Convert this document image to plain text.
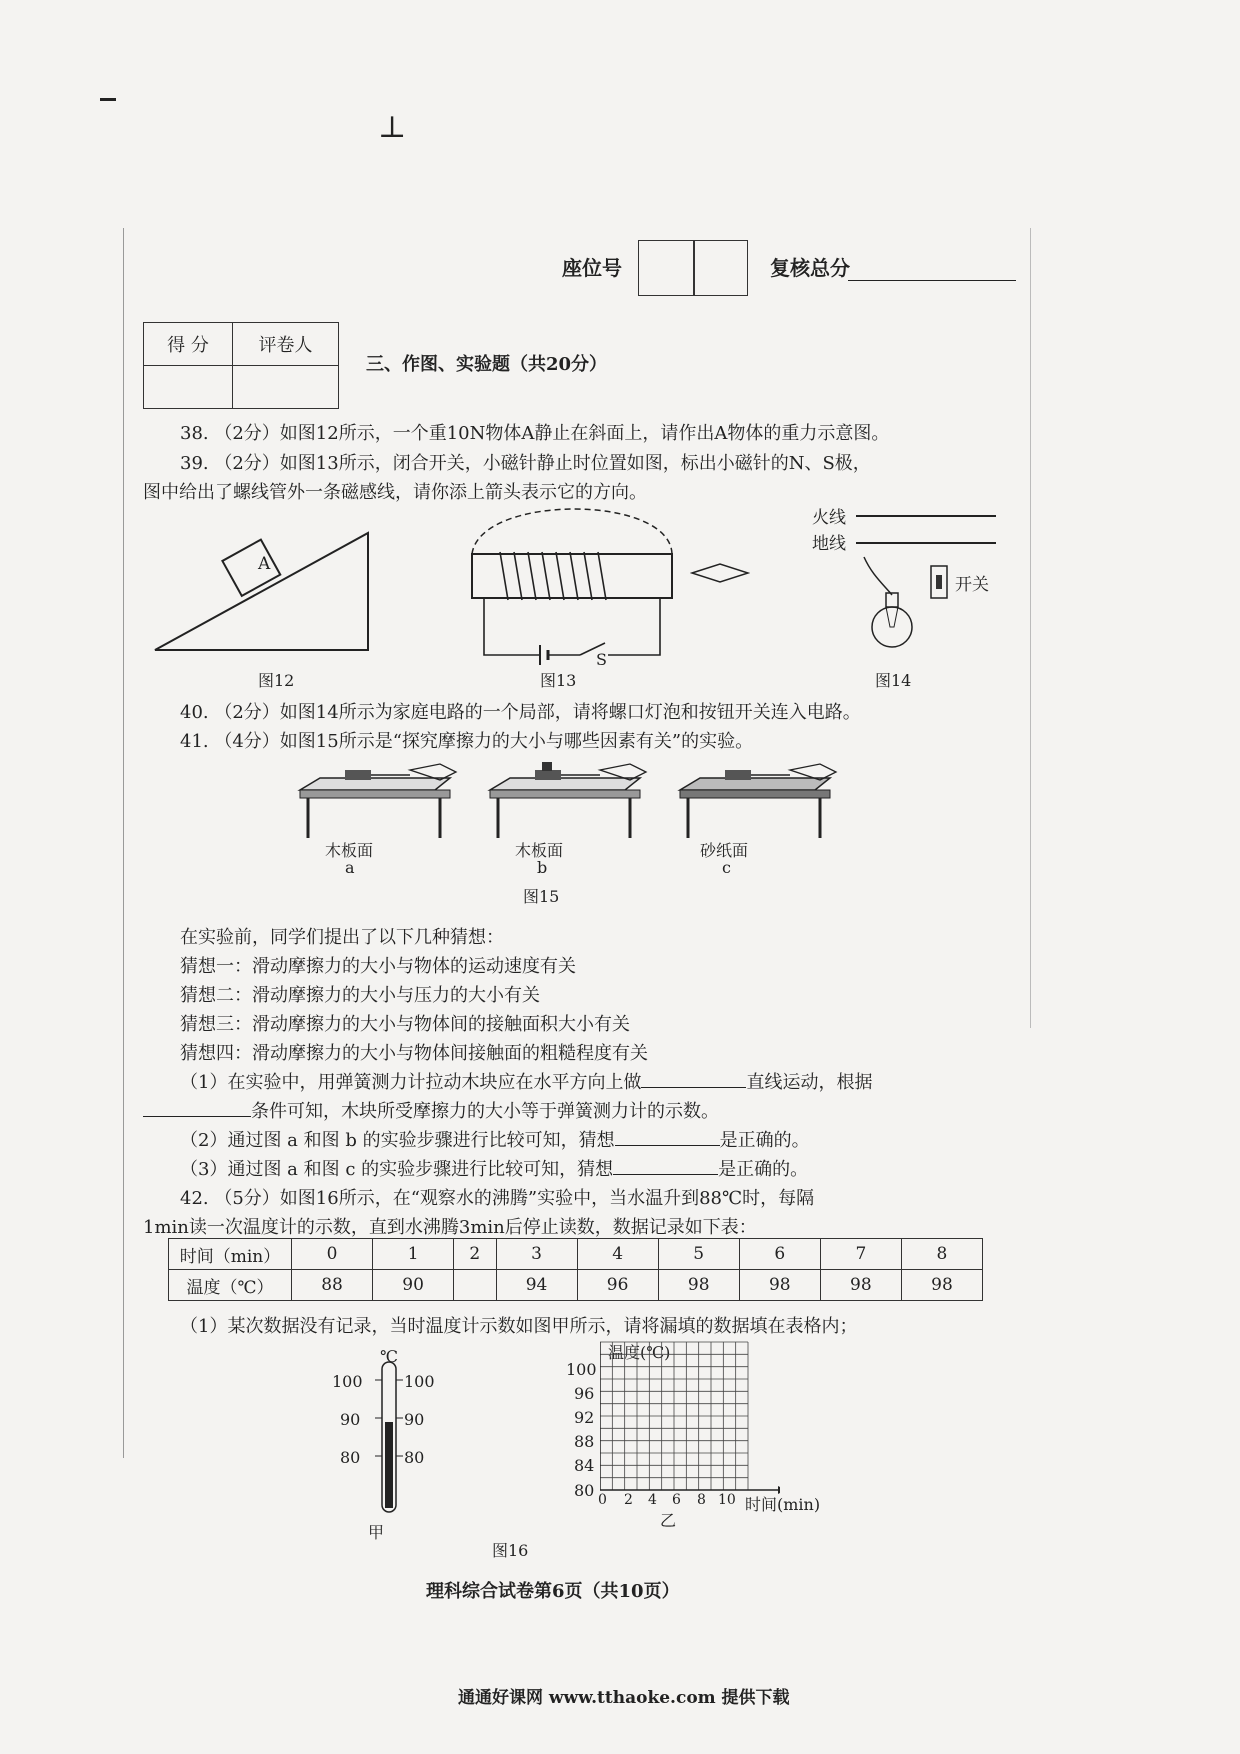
⊥
座位号	复核总分
得 分	评卷人

三、作图、实验题（共20分）
38. （2分）如图12所示，一个重10N物体A静止在斜面上，请作出A物体的重力示意图。
39. （2分）如图13所示，闭合开关，小磁针静止时位置如图，标出小磁针的N、S极，
图中给出了螺线管外一条磁感线，请你添上箭头表示它的方向。
A
图12
S
图13
火线
地线
开关
图14
40. （2分）如图14所示为家庭电路的一个局部，请将螺口灯泡和按钮开关连入电路。
41. （4分）如图15所示是“探究摩擦力的大小与哪些因素有关”的实验。
木板面
a
木板面
b
砂纸面
c
图15
在实验前，同学们提出了以下几种猜想：
猜想一：滑动摩擦力的大小与物体的运动速度有关
猜想二：滑动摩擦力的大小与压力的大小有关
猜想三：滑动摩擦力的大小与物体间的接触面积大小有关
猜想四：滑动摩擦力的大小与物体间接触面的粗糙程度有关
（1）在实验中，用弹簧测力计拉动木块应在水平方向上做	直线运动，根据
条件可知，木块所受摩擦力的大小等于弹簧测力计的示数。
（2）通过图 a 和图 b 的实验步骤进行比较可知，猜想	是正确的。
（3）通过图 a 和图 c 的实验步骤进行比较可知，猜想	是正确的。
42. （5分）如图16所示，在“观察水的沸腾”实验中，当水温升到88℃时，每隔
1min读一次温度计的示数，直到水沸腾3min后停止读数，数据记录如下表：
时间（min）	0	1	2	3	4	5	6	7	8
温度（℃）	88	90		94	96	98	98	98	98
（1）某次数据没有记录，当时温度计示数如图甲所示，请将漏填的数据填在表格内；
℃
100	100
90	90
80	80
甲
温度(℃)
100
96
92
88
84
80 0 2 4 6 8 10 时间(min)
乙
图16
理科综合试卷第6页（共10页）
通通好课网 www.tthaoke.com 提供下载
